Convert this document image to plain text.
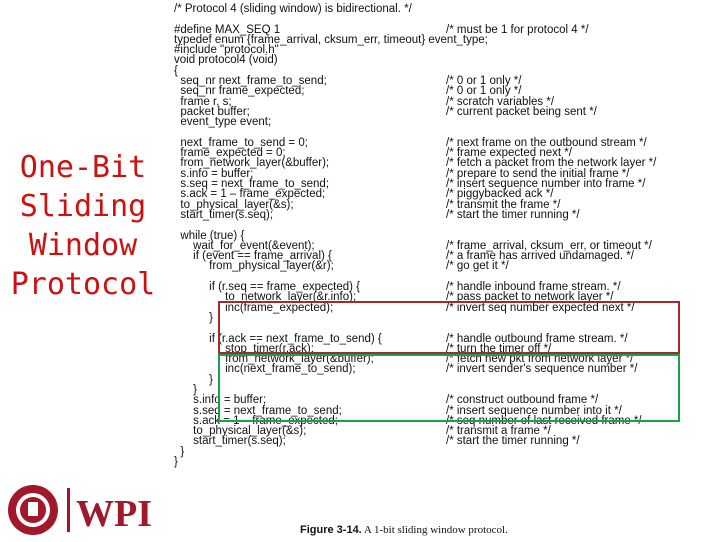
One-Bit
Sliding
Window
Protocol
WPI
/* Protocol 4 (sliding window) is bidirectional. */

#define MAX_SEQ 1
typedef enum {frame_arrival, cksum_err, timeout} event_type;
#include "protocol.h"
void protocol4 (void)
{
seq_nr next_frame_to_send;
seq_nr frame_expected;
frame r, s;
packet buffer;
event_type event;

next_frame_to_send = 0;
frame_expected = 0;
from_network_layer(&buffer);
s.info = buffer;
s.seq = next_frame_to_send;
s.ack = 1 – frame_expected;
to_physical_layer(&s);
start_timer(s.seq);

while (true) {
wait_for_event(&event);
if (event == frame_arrival) {
from_physical_layer(&r);

if (r.seq == frame_expected) {
to_network_layer(&r.info);
inc(frame_expected);
}

if (r.ack == next_frame_to_send) {
stop_timer(r.ack);
from_network_layer(&buffer);
inc(next_frame_to_send);
}
}
s.info = buffer;
s.seq = next_frame_to_send;
s.ack = 1 – frame_expected;
to_physical_layer(&s);
start_timer(s.seq);
}
}

/* must be 1 for protocol 4 */

/* 0 or 1 only */
/* 0 or 1 only */
/* scratch variables */
/* current packet being sent */

/* next frame on the outbound stream */
/* frame expected next */
/* fetch a packet from the network layer */
/* prepare to send the initial frame */
/* insert sequence number into frame */
/* piggybacked ack */
/* transmit the frame */
/* start the timer running */

/* frame_arrival, cksum_err, or timeout */
/* a frame has arrived undamaged. */
/* go get it */

/* handle inbound frame stream. */
/* pass packet to network layer */
/* invert seq number expected next */

/* handle outbound frame stream. */
/* turn the timer off */
/* fetch new pkt from network layer */
/* invert sender's sequence number */

/* construct outbound frame */
/* insert sequence number into it */
/* seq number of last received frame */
/* transmit a frame */
/* start the timer running */

Figure 3-14. A 1-bit sliding window protocol.
